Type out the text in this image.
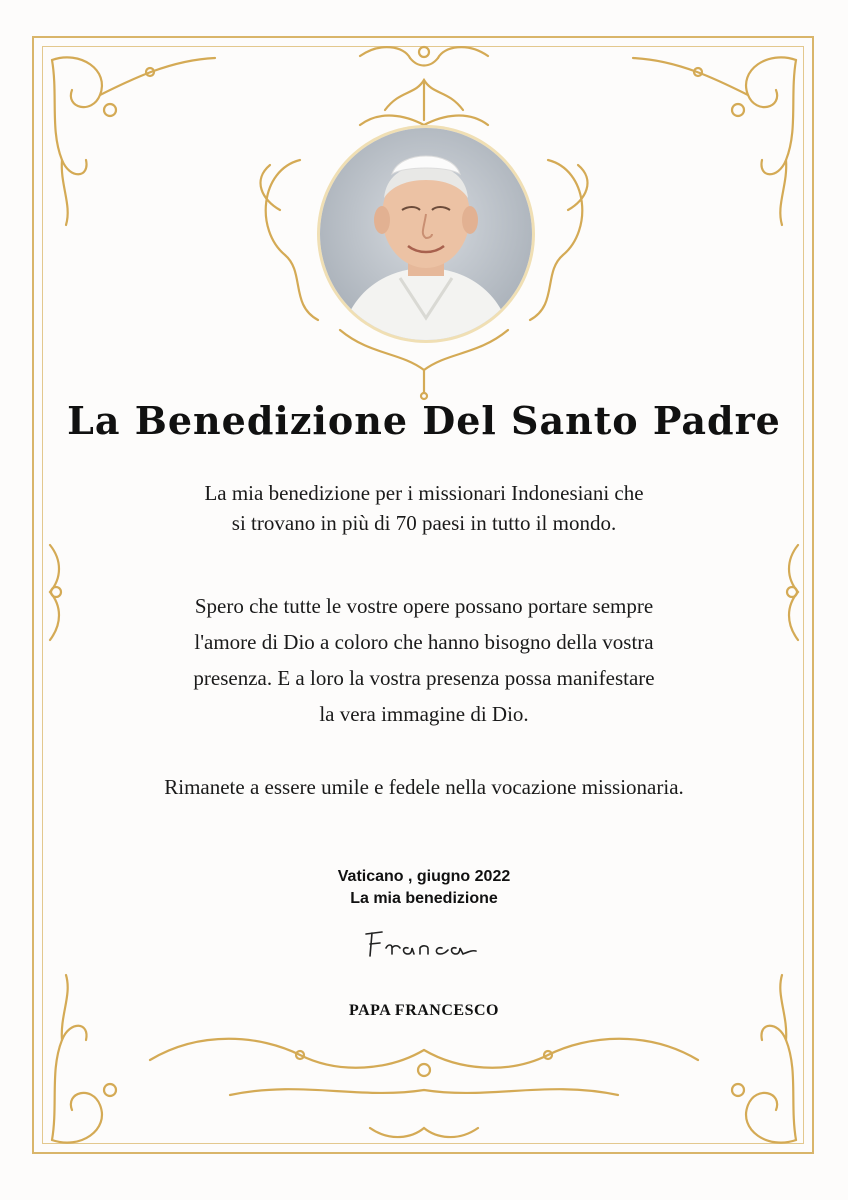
La Benedizione Del Santo Padre
La mia benedizione per i missionari Indonesiani che
si trovano in più di 70 paesi in tutto il mondo.
Spero che tutte le vostre opere possano portare sempre
l'amore di Dio a coloro che hanno bisogno della vostra
presenza. E a loro la vostra presenza possa manifestare
la vera immagine di Dio.
Rimanete a essere umile e fedele nella vocazione missionaria.
Vaticano , giugno 2022
La mia benedizione
PAPA FRANCESCO
